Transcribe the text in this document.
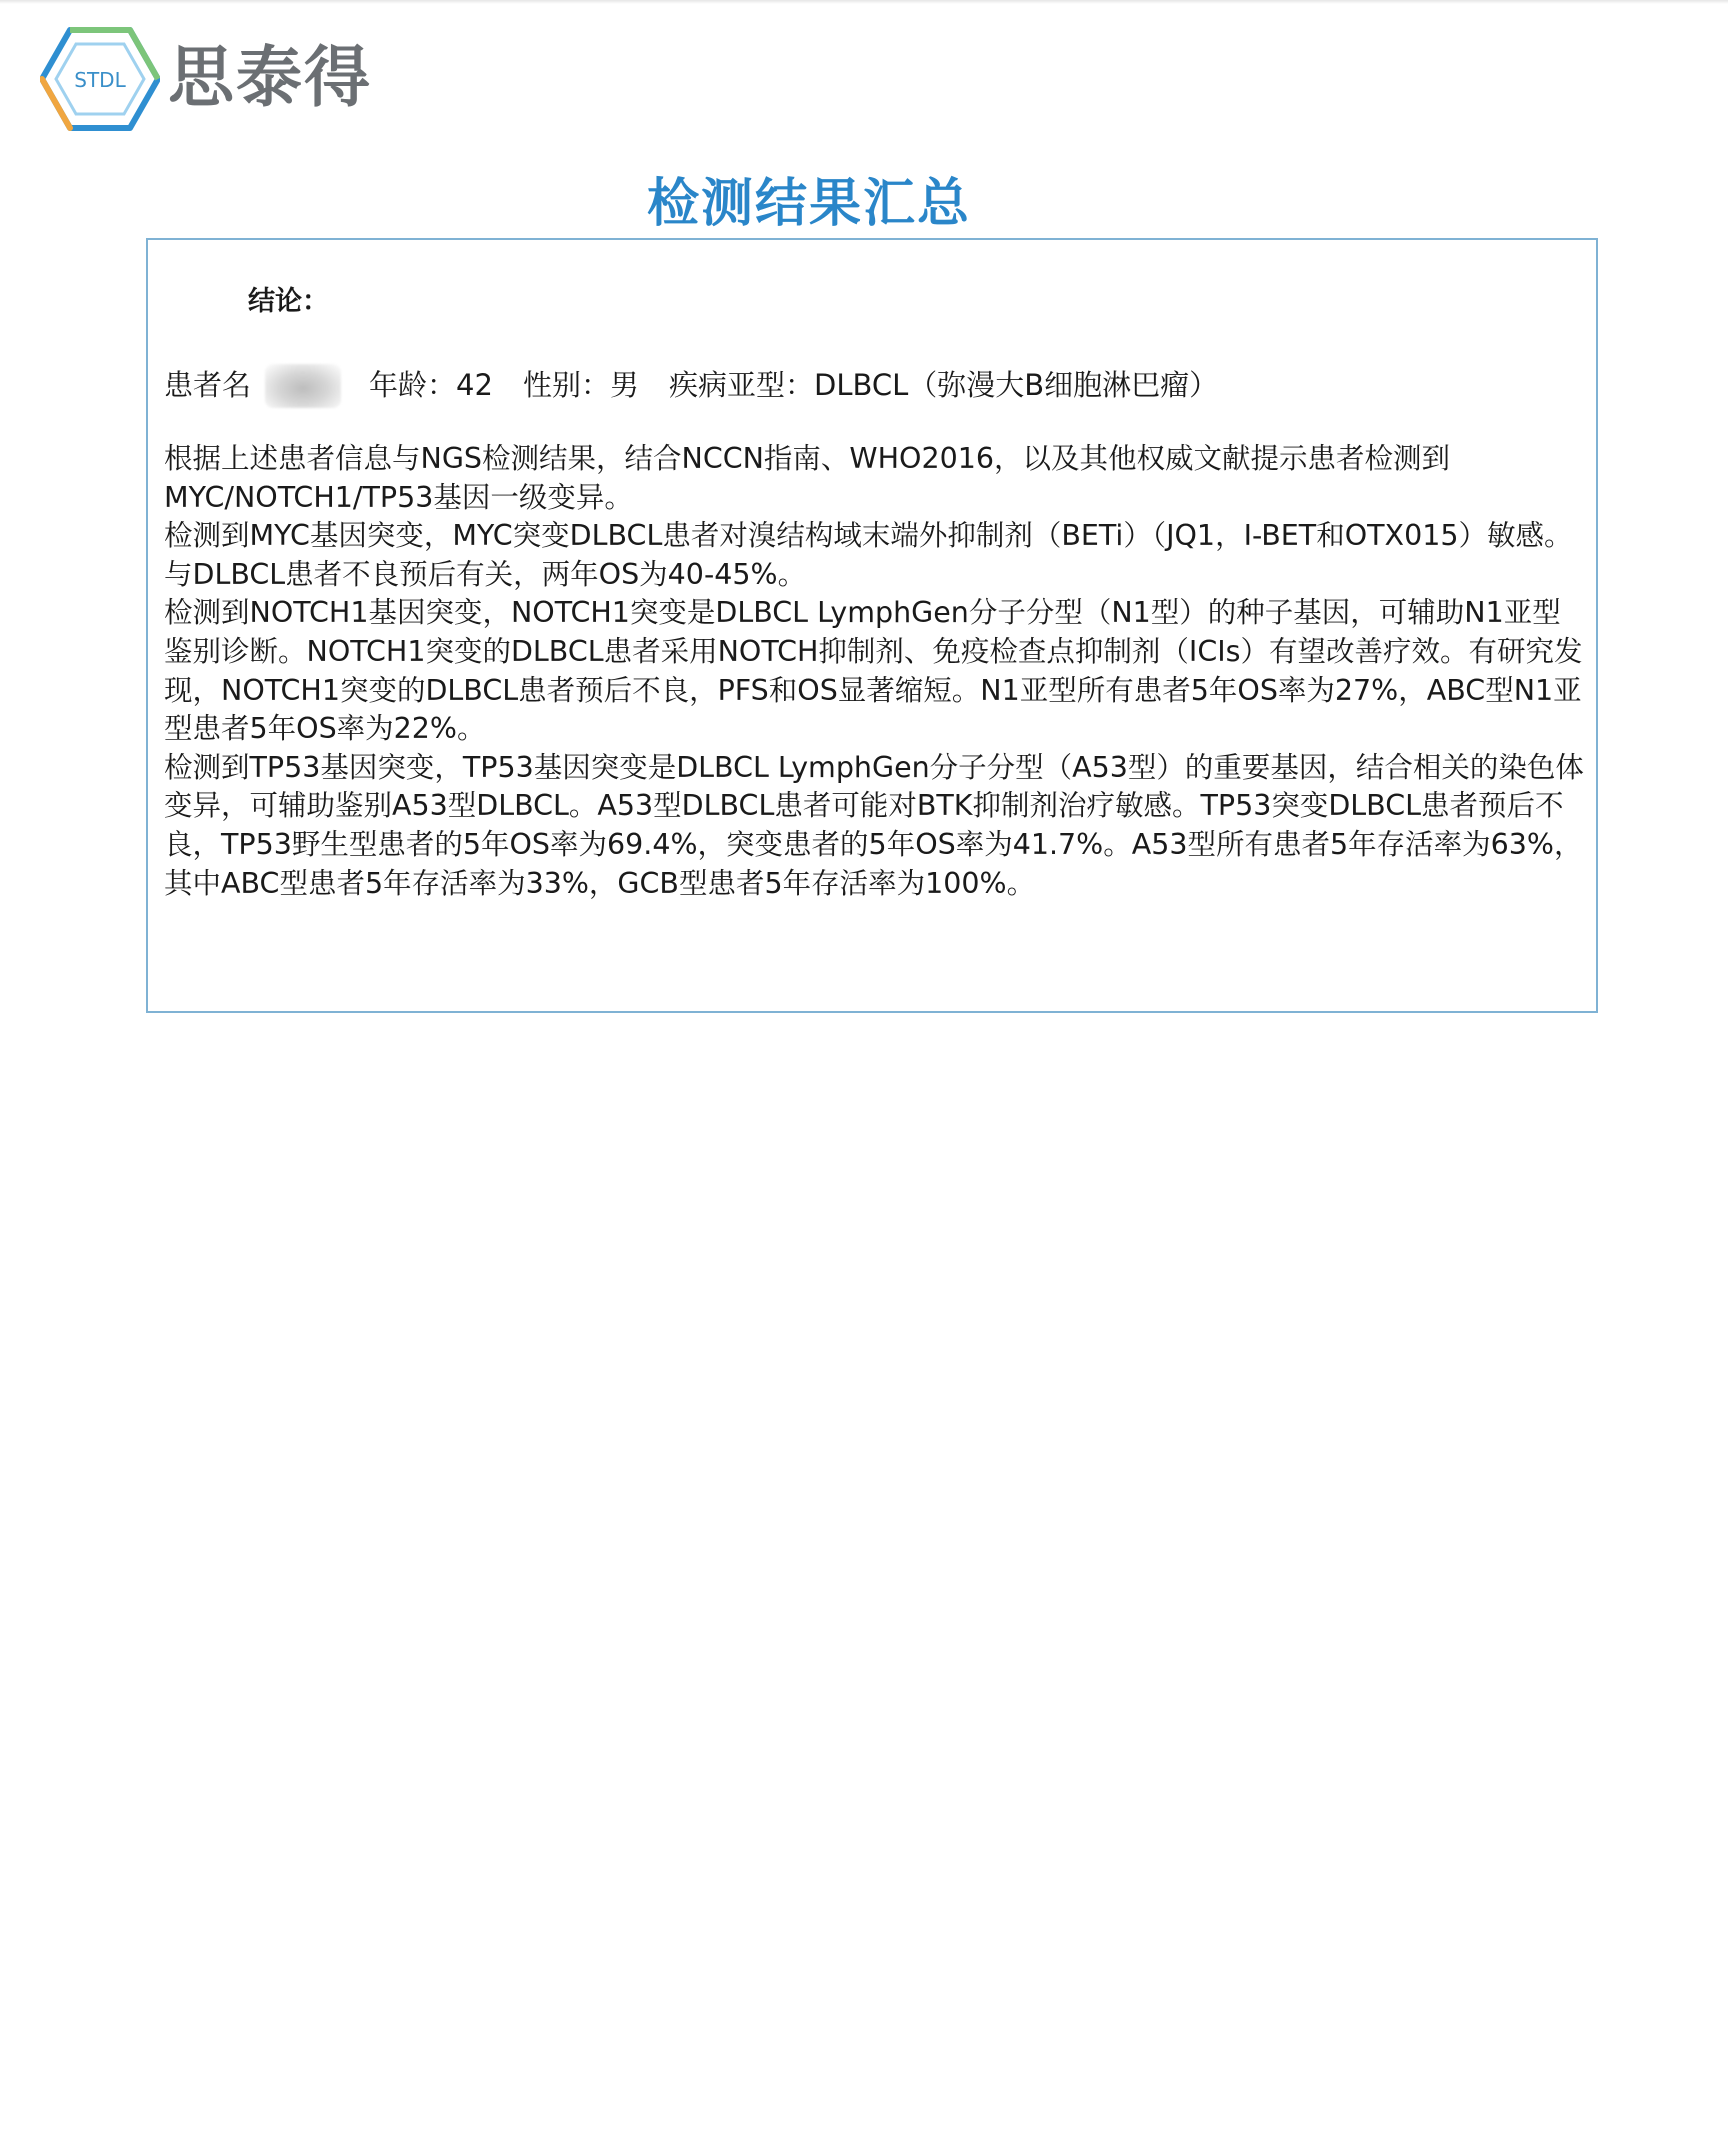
STDL 思泰得
检测结果汇总
结论：
患者名	年龄：42 性别：男 疾病亚型：DLBCL（弥漫大B细胞淋巴瘤）

根据上述患者信息与NGS检测结果，结合NCCN指南、WHO2016，以及其他权威文献提示患者检测到MYC/NOTCH1/TP53基因一级变异。

检测到MYC基因突变，MYC突变DLBCL患者对溴结构域末端外抑制剂（BETi）（JQ1，I-BET和OTX015）敏感。与DLBCL患者不良预后有关，两年OS为40-45%。

检测到NOTCH1基因突变，NOTCH1突变是DLBCL LymphGen分子分型（N1型）的种子基因，可辅助N1亚型鉴别诊断。NOTCH1突变的DLBCL患者采用NOTCH抑制剂、免疫检查点抑制剂（ICIs）有望改善疗效。有研究发现，NOTCH1突变的DLBCL患者预后不良，PFS和OS显著缩短。N1亚型所有患者5年OS率为27%，ABC型N1亚型患者5年OS率为22%。

检测到TP53基因突变，TP53基因突变是DLBCL LymphGen分子分型（A53型）的重要基因，结合相关的染色体变异，可辅助鉴别A53型DLBCL。A53型DLBCL患者可能对BTK抑制剂治疗敏感。TP53突变DLBCL患者预后不良，TP53野生型患者的5年OS率为69.4%，突变患者的5年OS率为41.7%。A53型所有患者5年存活率为63%，其中ABC型患者5年存活率为33%，GCB型患者5年存活率为100%。
